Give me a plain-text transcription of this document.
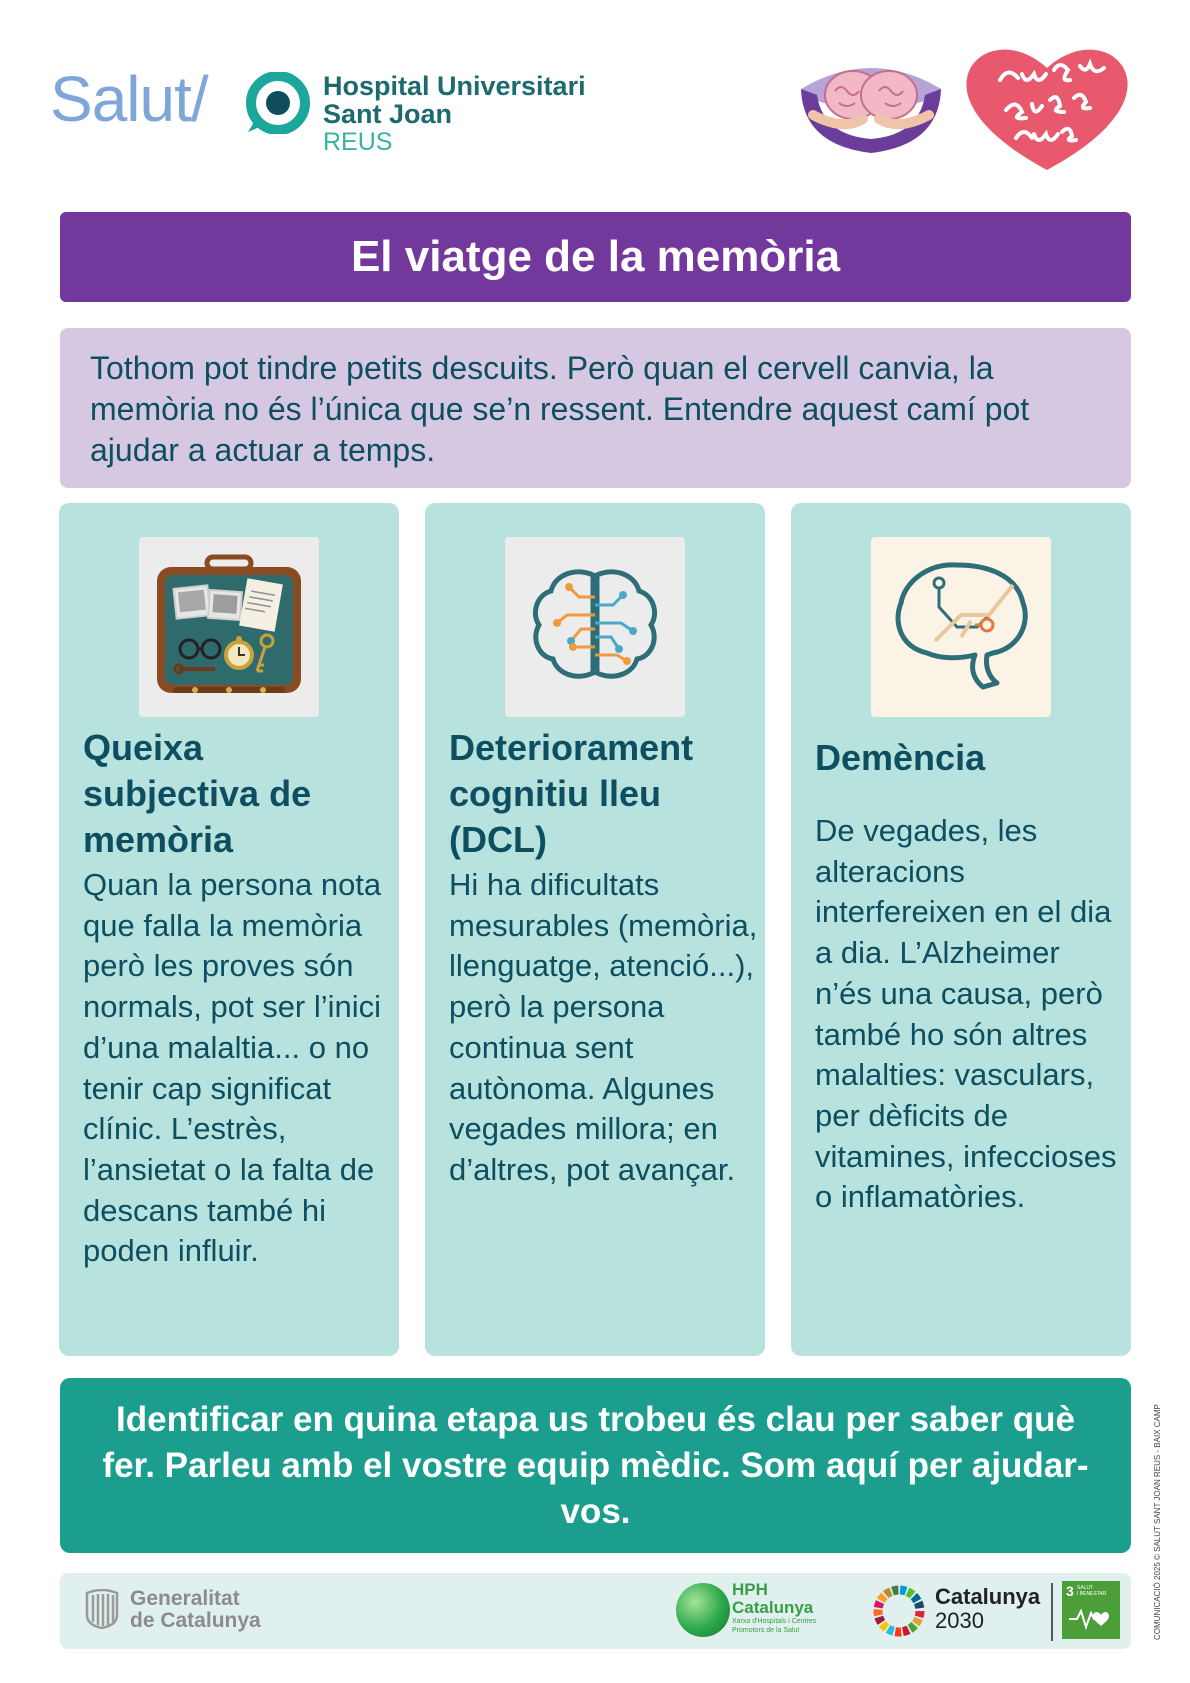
Salut/	Hospital Universitari
Sant Joan
REUS
El viatge de la memòria

Tothom pot tindre petits descuits. Però quan el cervell canvia, la memòria no és l’única que se’n ressent. Entendre aquest camí pot ajudar a actuar a temps.

Queixa subjectiva de memòria

Quan la persona nota que falla la memòria però les proves són normals, pot ser l’inici d’una malaltia... o no tenir cap significat clínic. L’estrès, l’ansietat o la falta de descans també hi poden influir.

Deteriorament cognitiu lleu (DCL)

Hi ha dificultats mesurables (memòria, llenguatge, atenció...), però la persona continua sent autònoma. Algunes vegades millora; en d’altres, pot avançar.

Demència

De vegades, les alteracions interfereixen en el dia a dia. L’Alzheimer n’és una causa, però també ho són altres malalties: vasculars, per dèficits de vitamines, infeccioses o inflamatòries.

Identificar en quina etapa us trobeu és clau per saber què fer. Parleu amb el vostre equip mèdic. Som aquí per ajudar-vos.

Generalitat
de Catalunya
HPH
Catalunya
Xarxa d'Hospitals i Centres
Promotors de la Salut
Catalunya
2030
3 SALUT
I BENESTAR	COMUNICACIÓ 2025 © SALUT SANT JOAN REUS - BAIX CAMP
